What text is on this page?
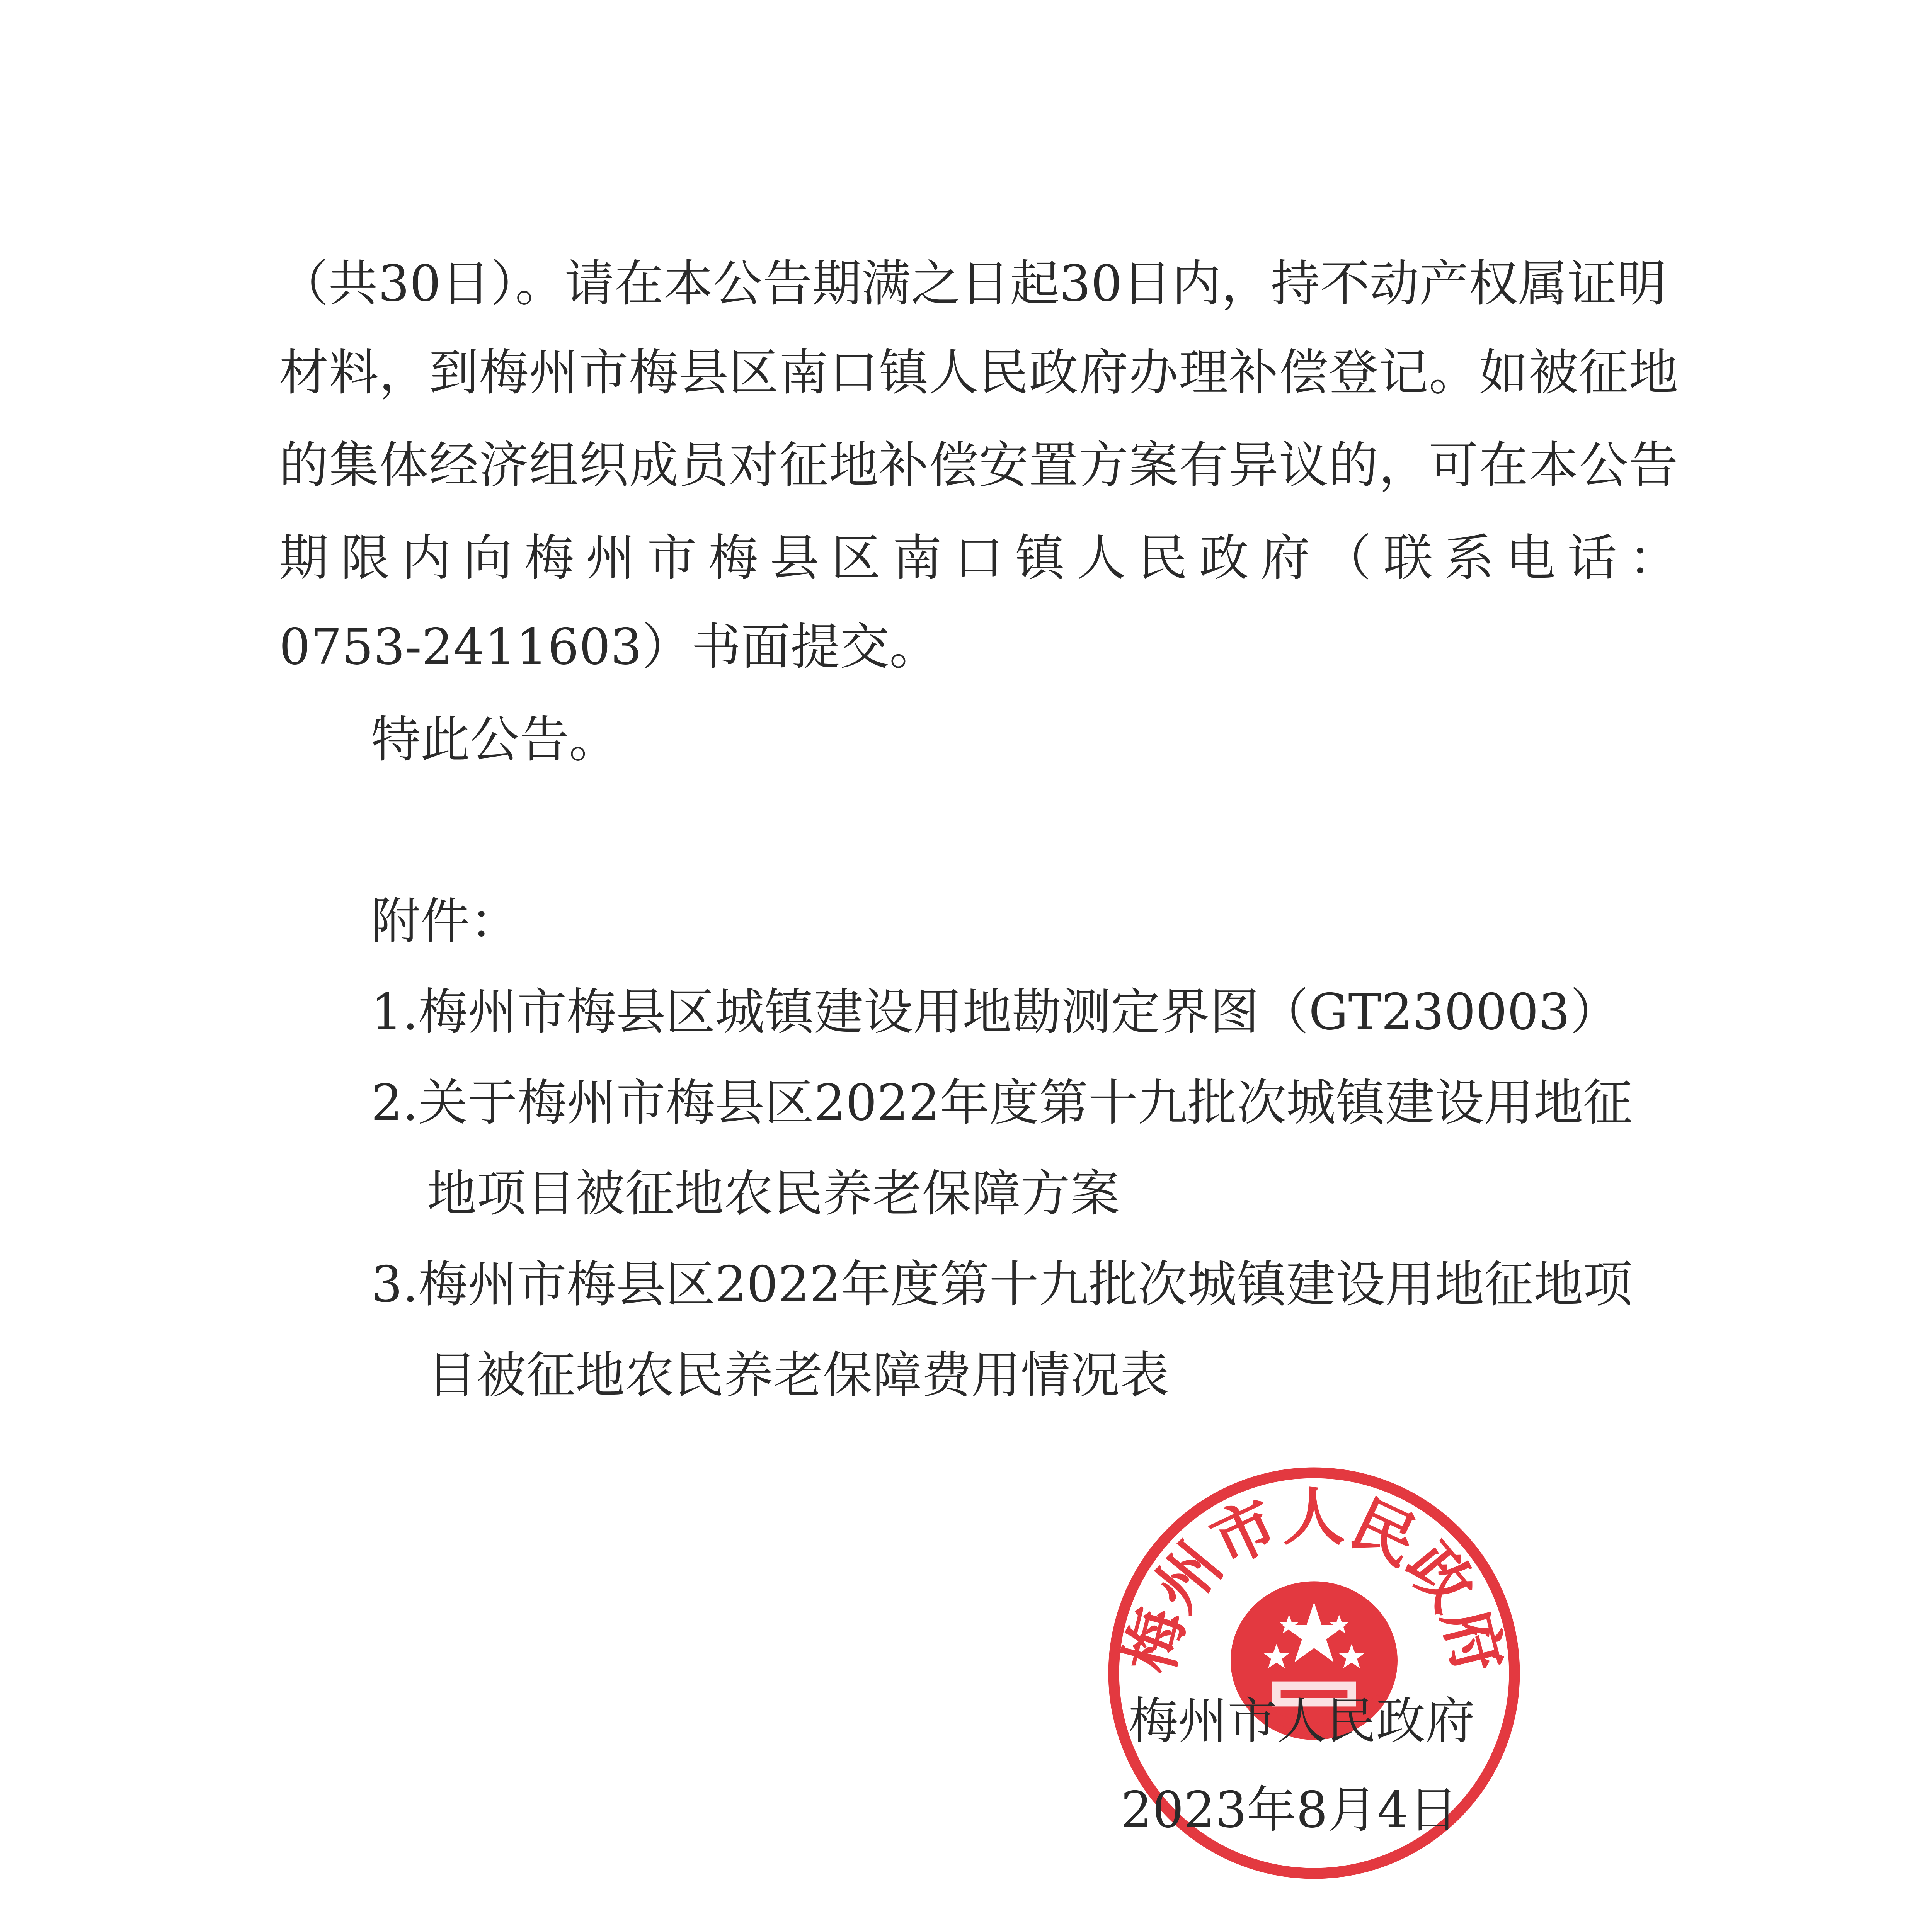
（共30日）。请在本公告期满之日起30日内，持不动产权属证明

材料，到梅州市梅县区南口镇人民政府办理补偿登记。如被征地

的集体经济组织成员对征地补偿安置方案有异议的，可在本公告

期限内向梅州市梅县区南口镇人民政府（联系电话：

0753-2411603）书面提交。

特此公告。

附件：

1.梅州市梅县区城镇建设用地勘测定界图（GT230003）

2.关于梅州市梅县区2022年度第十九批次城镇建设用地征

地项目被征地农民养老保障方案

3.梅州市梅县区2022年度第十九批次城镇建设用地征地项

目被征地农民养老保障费用情况表

梅州市人民政府

梅州市人民政府

2023年8月4日
